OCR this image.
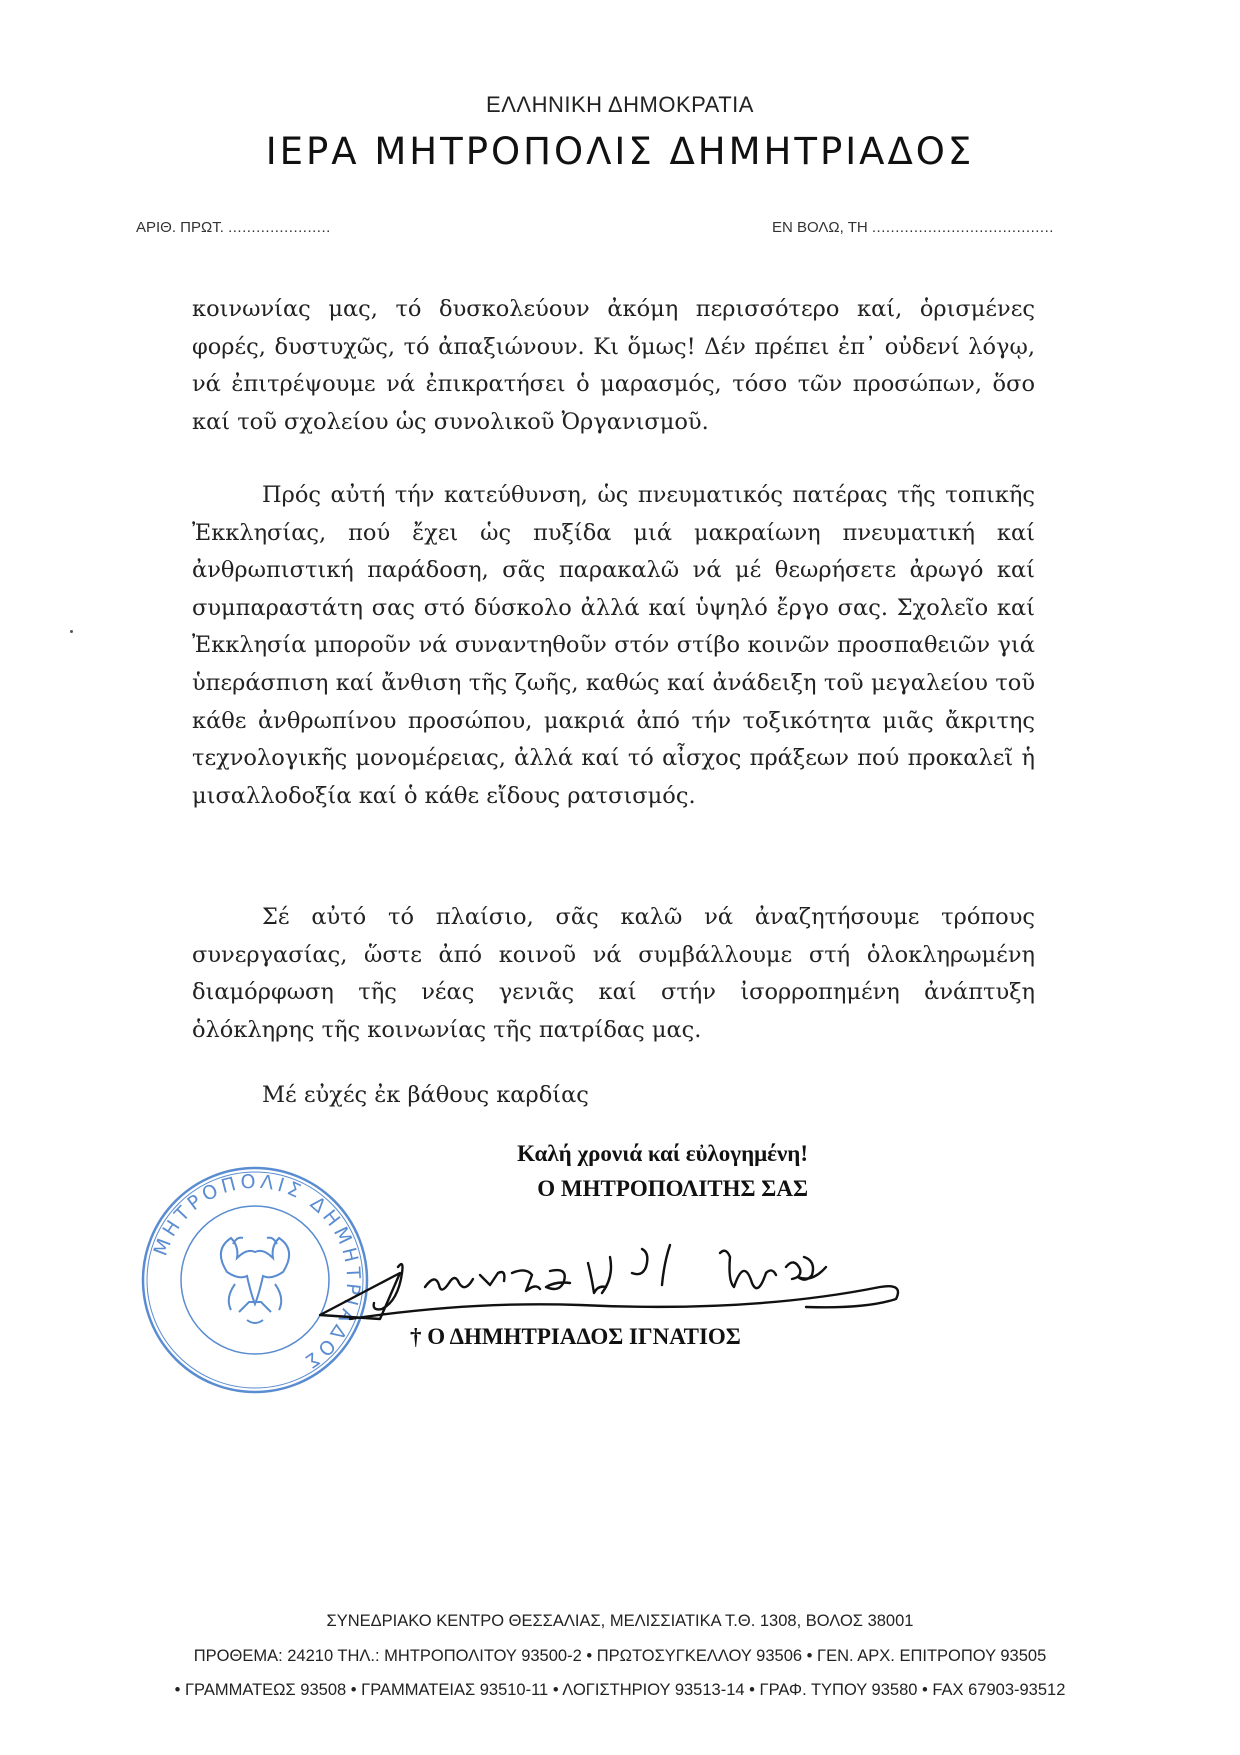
ΕΛΛΗΝΙΚΗ ΔΗΜΟΚΡΑΤΙΑ
ΙΕΡΑ ΜΗΤΡΟΠΟΛΙΣ ΔΗΜΗΤΡΙΑΔΟΣ
ΑΡΙΘ. ΠΡΩΤ. ......................	ΕΝ ΒΟΛΩ, ΤΗ .......................................

κοινωνίας μας, τό δυσκολεύουν ἀκόμη περισσότερο καί, ὁρισμένες φορές, δυστυχῶς, τό ἀπαξιώνουν. Κι ὅμως! Δέν πρέπει ἐπ᾽ οὐδενί λόγῳ, νά ἐπιτρέψουμε νά ἐπικρατήσει ὁ μαρασμός, τόσο τῶν προσώπων, ὅσο καί τοῦ σχολείου ὡς συνολικοῦ Ὀργανισμοῦ.

Πρός αὐτή τήν κατεύθυνση, ὡς πνευματικός πατέρας τῆς τοπικῆς Ἐκκλησίας, πού ἔχει ὡς πυξίδα μιά μακραίωνη πνευματική καί ἀνθρωπιστική παράδοση, σᾶς παρακαλῶ νά μέ θεωρήσετε ἀρωγό καί συμπαραστάτη σας στό δύσκολο ἀλλά καί ὑψηλό ἔργο σας. Σχολεῖο καί Ἐκκλησία μποροῦν νά συναντηθοῦν στόν στίβο κοινῶν προσπαθειῶν γιά ὑπεράσπιση καί ἄνθιση τῆς ζωῆς, καθώς καί ἀνάδειξη τοῦ μεγαλείου τοῦ κάθε ἀνθρωπίνου προσώπου, μακριά ἀπό τήν τοξικότητα μιᾶς ἄκριτης τεχνολογικῆς μονομέρειας, ἀλλά καί τό αἶσχος πράξεων πού προκαλεῖ ἡ μισαλλοδοξία καί ὁ κάθε εἴδους ρατσισμός.

Σέ αὐτό τό πλαίσιο, σᾶς καλῶ νά ἀναζητήσουμε τρόπους συνεργασίας, ὥστε ἀπό κοινοῦ νά συμβάλλουμε στή ὁλοκληρωμένη διαμόρφωση τῆς νέας γενιᾶς καί στήν ἰσορροπημένη ἀνάπτυξη ὁλόκληρης τῆς κοινωνίας τῆς πατρίδας μας.

Μέ εὐχές ἐκ βάθους καρδίας
ΜΗΤΡΟΠΟΛΙΣ ΔΗΜΗΤΡΙΑΔΟΣ
Καλή χρονιά καί εὐλογημένη!
Ο ΜΗΤΡΟΠΟΛΙΤΗΣ ΣΑΣ
† Ο ΔΗΜΗΤΡΙΑΔΟΣ ΙΓΝΑΤΙΟΣ
ΣΥΝΕΔΡΙΑΚΟ ΚΕΝΤΡΟ ΘΕΣΣΑΛΙΑΣ, ΜΕΛΙΣΣΙΑΤΙΚΑ Τ.Θ. 1308, ΒΟΛΟΣ 38001
ΠΡΟΘΕΜΑ: 24210 ΤΗΛ.: ΜΗΤΡΟΠΟΛΙΤΟΥ 93500-2 • ΠΡΩΤΟΣΥΓΚΕΛΛΟΥ 93506 • ΓΕΝ. ΑΡΧ. ΕΠΙΤΡΟΠΟΥ 93505
• ΓΡΑΜΜΑΤΕΩΣ 93508 • ΓΡΑΜΜΑΤΕΙΑΣ 93510-11 • ΛΟΓΙΣΤΗΡΙΟΥ 93513-14 • ΓΡΑΦ. ΤΥΠΟΥ 93580 • FAX 67903-93512
